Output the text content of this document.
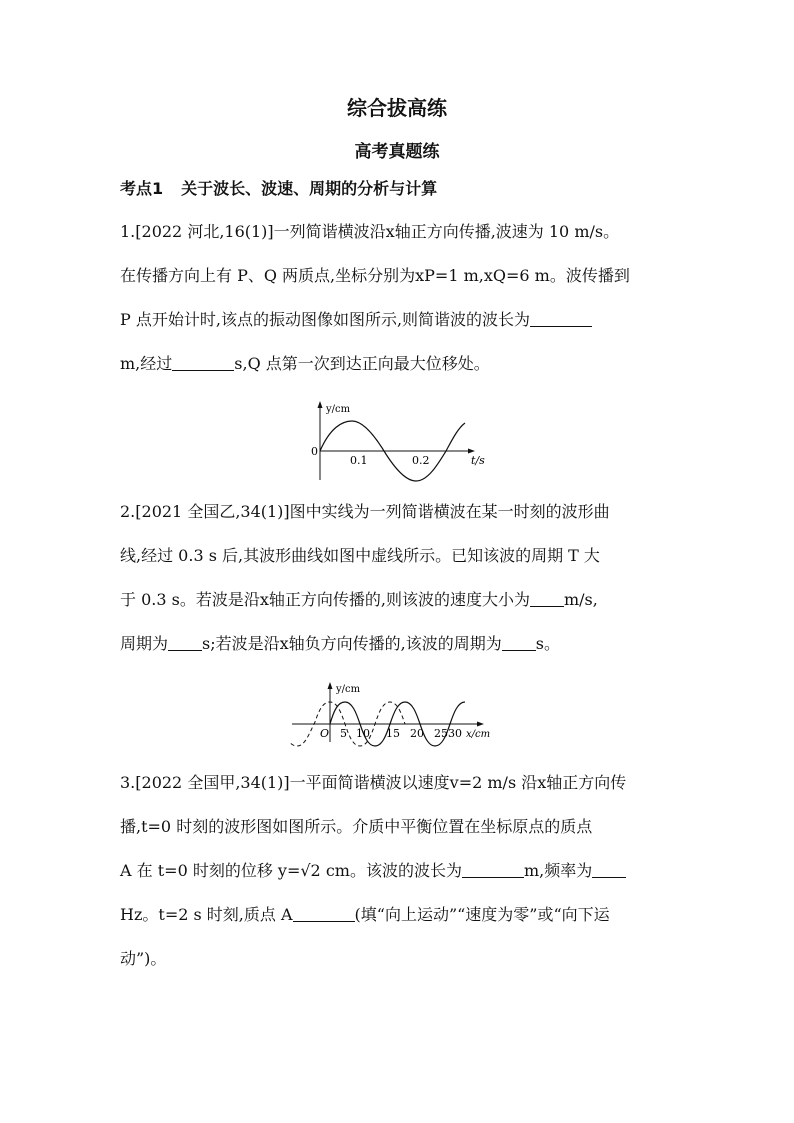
综合拔高练
高考真题练
考点1 关于波长、波速、周期的分析与计算
1.[2022 河北,16(1)]一列简谐横波沿x轴正方向传播,波速为 10 m/s。
在传播方向上有 P、Q 两质点,坐标分别为xP=1 m,xQ=6 m。波传播到
P 点开始计时,该点的振动图像如图所示,则简谐波的波长为
m,经过	s,Q 点第一次到达正向最大位移处。
y/cm
0
0.1	0.2	t/s
2.[2021 全国乙,34(1)]图中实线为一列简谐横波在某一时刻的波形曲
线,经过 0.3 s 后,其波形曲线如图中虚线所示。已知该波的周期 T 大
于 0.3 s。若波是沿x轴正方向传播的,则该波的速度大小为 m/s,
周期为 s;若波是沿x轴负方向传播的,该波的周期为 s。
y/cm
O 5 10 15 20 25 30 x/cm
3.[2022 全国甲,34(1)]一平面简谐横波以速度v=2 m/s 沿x轴正方向传
播,t=0 时刻的波形图如图所示。介质中平衡位置在坐标原点的质点
A 在 t=0 时刻的位移 y=√2 cm。该波的波长为	m,频率为
Hz。t=2 s 时刻,质点 A	(填“向上运动”“速度为零”或“向下运
动”)。
